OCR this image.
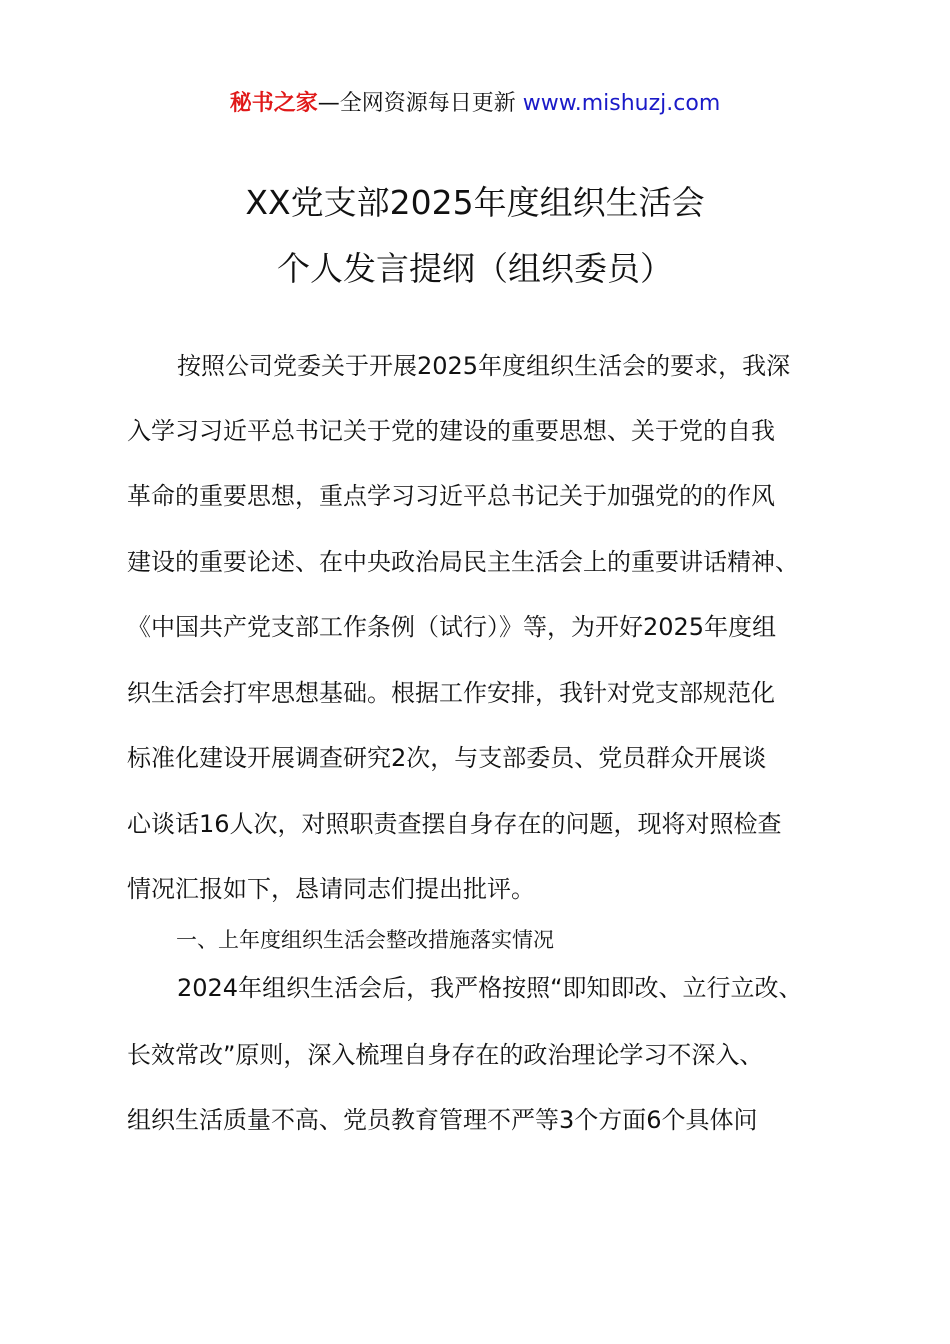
秘书之家—全网资源每日更新 www.mishuzj.com
XX党支部2025年度组织生活会
个人发言提纲（组织委员）
按照公司党委关于开展2025年度组织生活会的要求，我深
入学习习近平总书记关于党的建设的重要思想、关于党的自我
革命的重要思想，重点学习习近平总书记关于加强党的的作风
建设的重要论述、在中央政治局民主生活会上的重要讲话精神、
《中国共产党支部工作条例（试行）》等，为开好2025年度组
织生活会打牢思想基础。根据工作安排，我针对党支部规范化
标准化建设开展调查研究2次，与支部委员、党员群众开展谈
心谈话16人次，对照职责查摆自身存在的问题，现将对照检查
情况汇报如下，恳请同志们提出批评。
一、上年度组织生活会整改措施落实情况
2024年组织生活会后，我严格按照“即知即改、立行立改、
长效常改”原则，深入梳理自身存在的政治理论学习不深入、
组织生活质量不高、党员教育管理不严等3个方面6个具体问
